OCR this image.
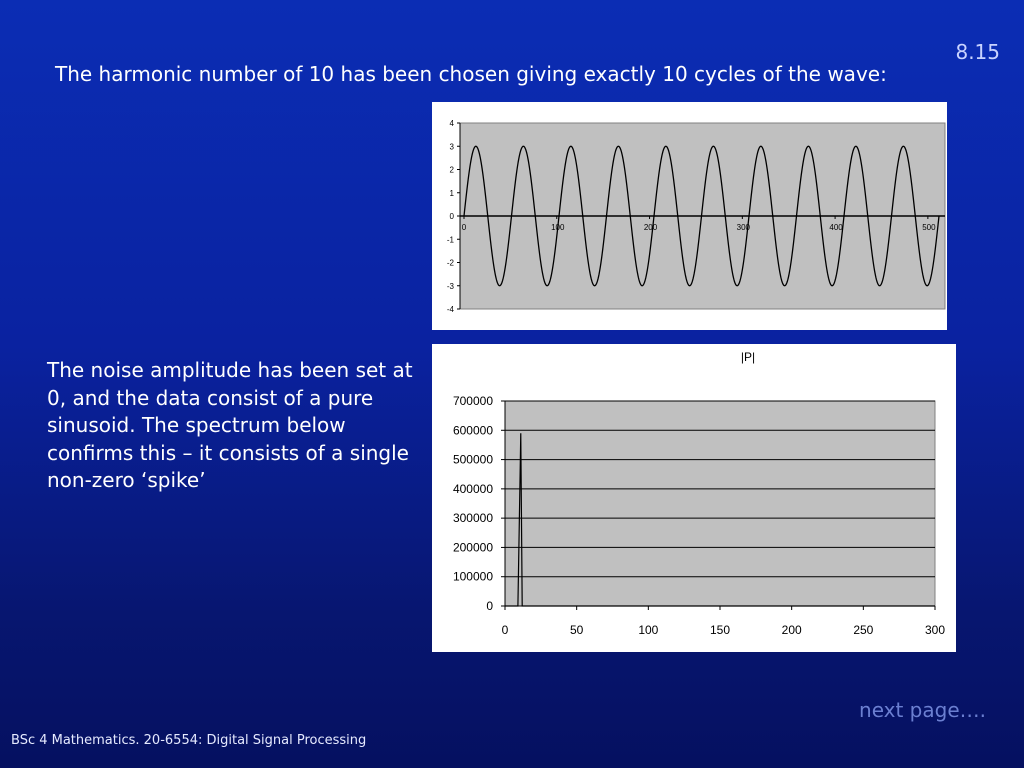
8.15
The harmonic number of 10 has been chosen giving exactly 10 cycles of the wave:
4
3
2
1
0
-1
-2
-3
-4
0	100	200	300	400	500
|P|
0
100000
200000
300000
400000
500000
600000
700000
0	50	100	150	200	250	300
The noise amplitude has been set at 0, and the data consist of a pure sinusoid. The spectrum below confirms this – it consists of a single non-zero ‘spike’
next page….
BSc 4 Mathematics. 20-6554: Digital Signal Processing
